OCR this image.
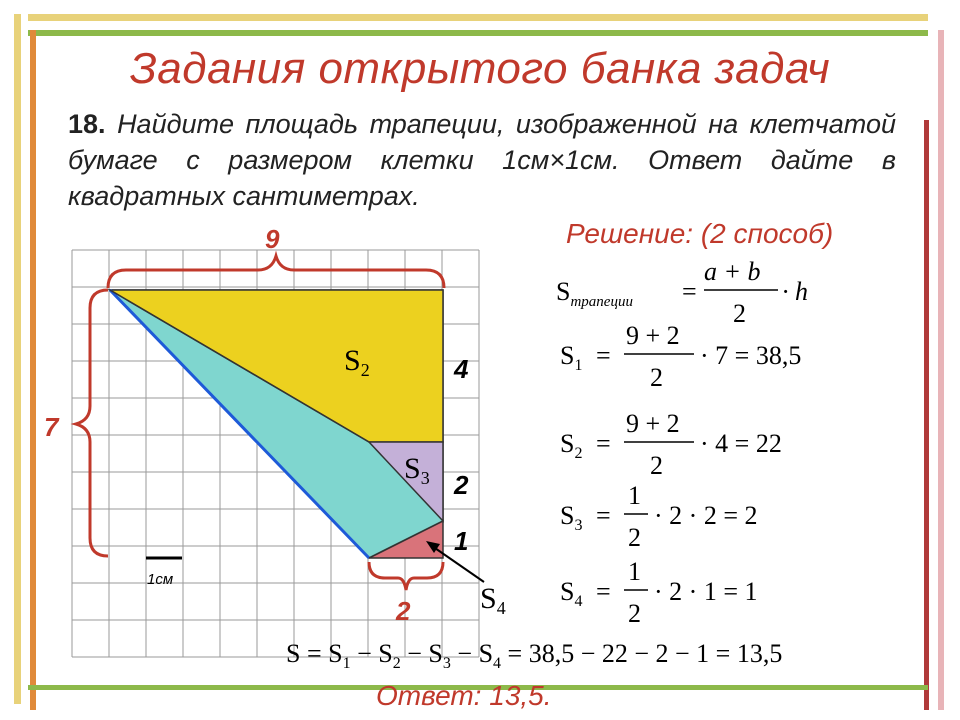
Задания открытого банка задач
18. Найдите площадь трапеции, изображенной на клетчатой бумаге с размером клетки 1см×1см. Ответ дайте в квадратных сантиметрах.
Решение: (2 способ)
9
7
4
2
1
2
1см
$S_2$
$S_3$
$S_4$
$S_{трапеции}$ =
a + b
2
· h
$S_1$ =
9 + 2
2
· 7 = 38,5
$S_2$ =
9 + 2
2
· 4 = 22
$S_3$ =
1
2
· 2 · 2 = 2
$S_4$ =
1
2
· 2 · 1 = 1
$S = S_1 - S_2 - S_3 - S_4 = 38,5 - 22 - 2 - 1 = 13,5$
Ответ: 13,5.
